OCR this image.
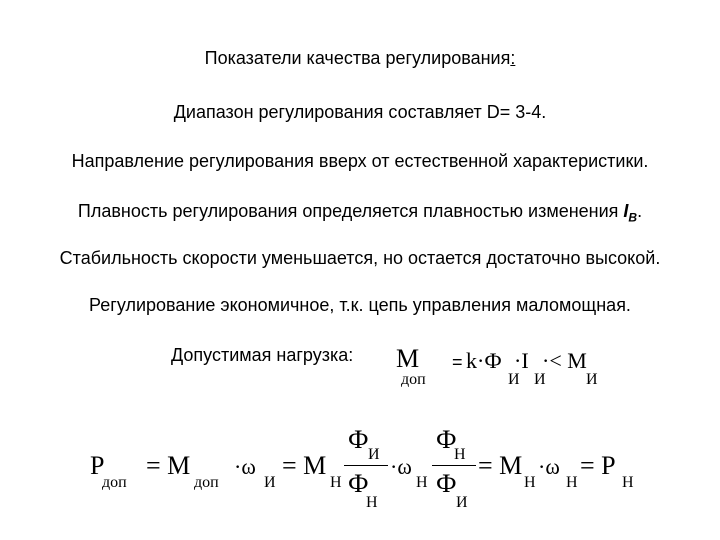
Показатели качества регулирования:
Диапазон регулирования составляет D= 3-4.
Направление регулирования вверх от естественной характеристики.
Плавность регулирования определяется плавностью изменения $I_В$.
Стабильность скорости уменьшается, но остается достаточно высокой.
Регулирование экономичное, т.к. цепь управления маломощная.
Допустимая нагрузка: М
доп
= k·Ф
И
·I
И
·< М
И
Р
доп
= М
доп
·ω
И
= М
Н
Ф
И
Ф
Н
·ω
Н
Ф
Н
Ф
И
= М
Н
·ω
Н
= Р
Н
